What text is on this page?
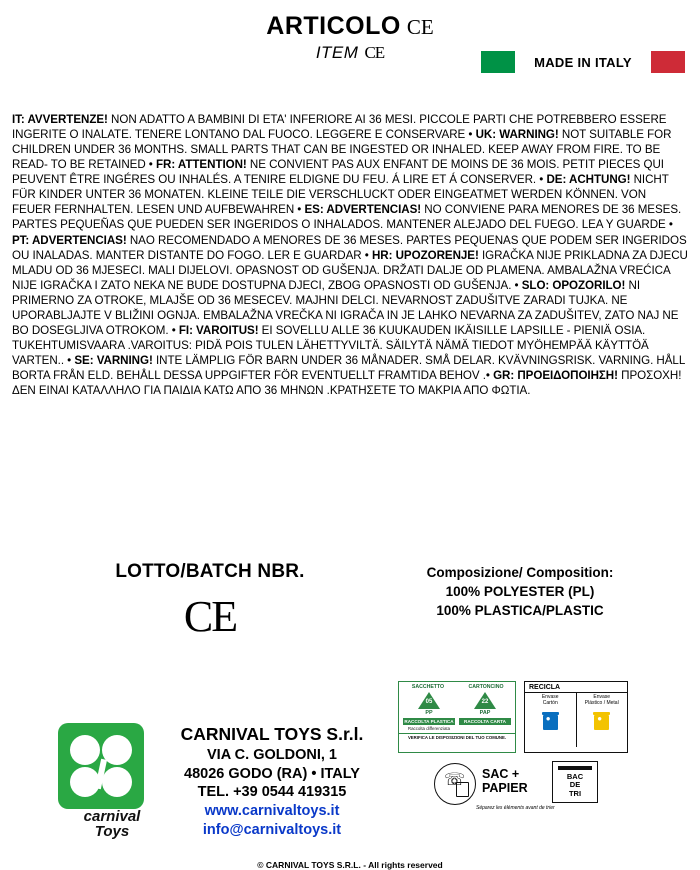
ARTICOLO CE
ITEM CE	MADE IN ITALY
IT: AVVERTENZE! NON ADATTO A BAMBINI DI ETA' INFERIORE AI 36 MESI. PICCOLE PARTI CHE POTREBBERO ESSERE INGERITE O INALATE. TENERE LONTANO DAL FUOCO. LEGGERE E CONSERVARE • UK: WARNING! NOT SUITABLE FOR CHILDREN UNDER 36 MONTHS. SMALL PARTS THAT CAN BE INGESTED OR INHALED. KEEP AWAY FROM FIRE. TO BE READ- TO BE RETAINED • FR: ATTENTION! NE CONVIENT PAS AUX ENFANT DE MOINS DE 36 MOIS. PETIT PIECES QUI PEUVENT ÊTRE INGÉRES OU INHALÉS. A TENIRE ELDIGNE DU FEU. Á LIRE ET Á CONSERVER. • DE: ACHTUNG! NICHT FÜR KINDER UNTER 36 MONATEN. KLEINE TEILE DIE VERSCHLUCKT ODER EINGEATMET WERDEN KÖNNEN. VON FEUER FERNHALTEN. LESEN UND AUFBEWAHREN • ES: ADVERTENCIAS! NO CONVIENE PARA MENORES DE 36 MESES. PARTES PEQUEÑAS QUE PUEDEN SER INGERIDOS O INHALADOS. MANTENER ALEJADO DEL FUEGO. LEA Y GUARDE • PT: ADVERTENCIAS! NAO RECOMENDADO A MENORES DE 36 MESES. PARTES PEQUENAS QUE PODEM SER INGERIDOS OU INALADAS. MANTER DISTANTE DO FOGO. LER E GUARDAR • HR: UPOZORENJE! IGRAČKA NIJE PRIKLADNA ZA DJECU MLADU OD 36 MJESECI. MALI DIJELOVI. OPASNOST OD GUŠENJA. DRŽATI DALJE OD PLAMENA. AMBALAŽNA VREĆICA NIJE IGRAČKA I ZATO NEKA NE BUDE DOSTUPNA DJECI, ZBOG OPASNOSTI OD GUŠENJA. • SLO: OPOZORILO! NI PRIMERNO ZA OTROKE, MLAJŠE OD 36 MESECEV. MAJHNI DELCI. NEVARNOST ZADUŠITVE ZARADI TUJKA. NE UPORABLJAJTE V BLIŽINI OGNJA. EMBALAŽNA VREČKA NI IGRAČA IN JE LAHKO NEVARNA ZA ZADUŠITEV, ZATO NAJ NE BO DOSEGLJIVA OTROKOM. • FI: VAROITUS! EI SOVELLU ALLE 36 KUUKAUDEN IKÄISILLE LAPSILLE - PIENIÄ OSIA. TUKEHTUMISVAARA .VAROITUS: PIDÄ POIS TULEN LÄHETTYVILTÄ. SÄILYTÄ NÄMÄ TIEDOT MYÖHEMPÄÄ KÄYTTÖÄ VARTEN.. • SE: VARNING! INTE LÄMPLIG FÖR BARN UNDER 36 MÅNADER. SMÅ DELAR. KVÄVNINGSRISK. VARNING. HÅLL BORTA FRÅN ELD. BEHÅLL DESSA UPPGIFTER FÖR EVENTUELLT FRAMTIDA BEHOV .• GR: ΠΡΟΕΙΔΟΠΟΙΗΣΗ! ΠΡΟΣΟΧΗ! ΔΕΝ ΕΙΝΑΙ ΚΑΤΑΛΛΗΛΟ ΓΙΑ ΠΑΙΔΙΑ ΚΑΤΩ ΑΠΟ 36 ΜΗΝΩΝ .ΚΡΑΤΗΣΕΤΕ ΤΟ ΜΑΚΡΙΑ ΑΠΟ ΦΩΤΙΑ.
LOTTO/BATCH NBR.
CE
Composizione/ Composition:
100% POLYESTER (PL)
100% PLASTICA/PLASTIC
SACCHETTO	CARTONCINO
05
PP
RACCOLTA PLASTICA
Raccolta differenziata
22
PAP
RACCOLTA CARTA

VERIFICA LE DISPOSIZIONI DEL TUO COMUNE.
RECICLA
Envase
Cartón
●
Envase
Plástico / Metal
●
☏ SAC +
PAPIER
BAC
DE
TRI
Séparez les éléments avant de trier
carnival
Toys
CARNIVAL TOYS S.r.l.
VIA C. GOLDONI, 1
48026 GODO (RA) • ITALY
TEL. +39 0544 419315
www.carnivaltoys.it
info@carnivaltoys.it
© CARNIVAL TOYS S.R.L. - All rights reserved
